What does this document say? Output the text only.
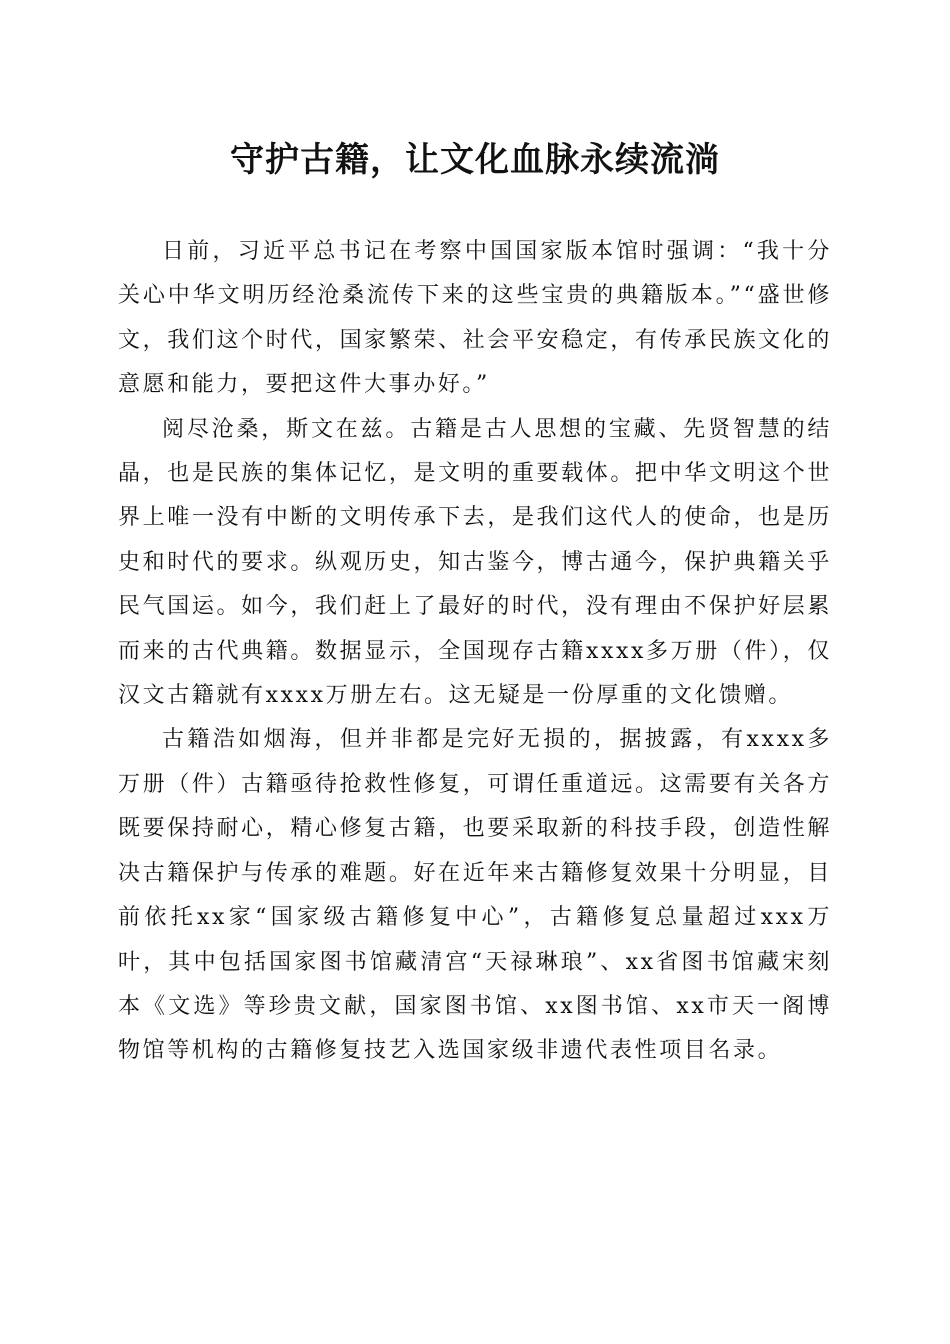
守护古籍，让文化血脉永续流淌

日前，习近平总书记在考察中国国家版本馆时强调：“我十分关心中华文明历经沧桑流传下来的这些宝贵的典籍版本。”“盛世修文，我们这个时代，国家繁荣、社会平安稳定，有传承民族文化的意愿和能力，要把这件大事办好。”

阅尽沧桑，斯文在兹。古籍是古人思想的宝藏、先贤智慧的结晶，也是民族的集体记忆，是文明的重要载体。把中华文明这个世界上唯一没有中断的文明传承下去，是我们这代人的使命，也是历史和时代的要求。纵观历史，知古鉴今，博古通今，保护典籍关乎民气国运。如今，我们赶上了最好的时代，没有理由不保护好层累而来的古代典籍。数据显示，全国现存古籍xxxx多万册（件），仅汉文古籍就有xxxx万册左右。这无疑是一份厚重的文化馈赠。

古籍浩如烟海，但并非都是完好无损的，据披露，有xxxx多万册（件）古籍亟待抢救性修复，可谓任重道远。这需要有关各方既要保持耐心，精心修复古籍，也要采取新的科技手段，创造性解决古籍保护与传承的难题。好在近年来古籍修复效果十分明显，目前依托xx家“国家级古籍修复中心”，古籍修复总量超过xxx万叶，其中包括国家图书馆藏清宫“天禄琳琅”、xx省图书馆藏宋刻本《文选》等珍贵文献，国家图书馆、xx图书馆、xx市天一阁博物馆等机构的古籍修复技艺入选国家级非遗代表性项目名录。
